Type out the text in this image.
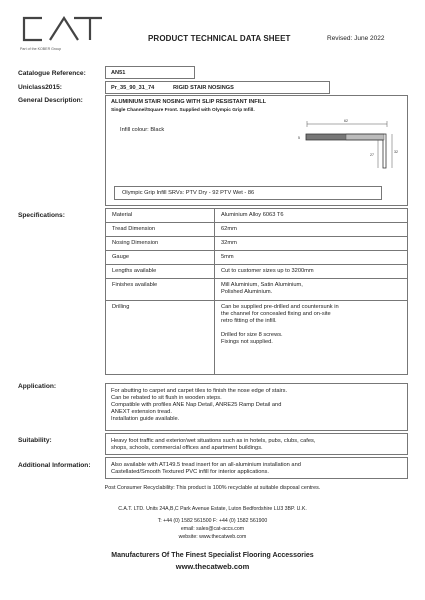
Part of the KOBER Group
PRODUCT TECHNICAL DATA SHEET	Revised: June 2022
Catalogue Reference:	AN51
Uniclass2015:	Pr_35_90_31_74	RIGID STAIR NOSINGS
General Description:	ALUMINIUM STAIR NOSING WITH SLIP RESISTANT INFILL
Single Channel/Square Front. Supplied with Olympic Grip Infill.
Infill colour: Black
62
5
27
32
Olympic Grip Infill SRVs: PTV Dry - 92 PTV Wet - 86
Specifications:	Material	Aluminium Alloy 6063 T6

Tread Dimension	62mm

Nosing Dimension	32mm

Gauge	5mm

Lengths available	Cut to customer sizes up to 3200mm

Finishes available	Mill Aluminium, Satin Aluminium,
Polished Aluminium.

Drilling	Can be supplied pre-drilled and countersunk in
the channel for concealed fixing and on-site
retro fitting of the infill.
Drilled for size 8 screws.
Fixings not supplied.
Application:
For abutting to carpet and carpet tiles to finish the nose edge of stairs.
Can be rebated to sit flush in wooden steps.
Compatible with profiles ANE Nap Detail, ANRE25 Ramp Detail and
ANEXT extension tread.
Installation guide available.
Suitability:	Heavy foot traffic and exterior/wet situations such as in hotels, pubs, clubs, cafes,
shops, schools, commercial offices and apartment buildings.
Additional Information:	Also available with AT149.5 tread insert for an all-aluminium installation and
Castellated/Smooth Textured PVC infill for interior applications.
Post Consumer Recyclability: This product is 100% recyclable at suitable disposal centres.
C.A.T. LTD. Units 24A,B,C Park Avenue Estate, Luton Bedfordshire LU3 3BP. U.K.
T: +44 (0) 1582 561500 F: +44 (0) 1582 561900
email: sales@cat-accs.com
website: www.thecatweb.com
Manufacturers Of The Finest Specialist Flooring Accessories
www.thecatweb.com
